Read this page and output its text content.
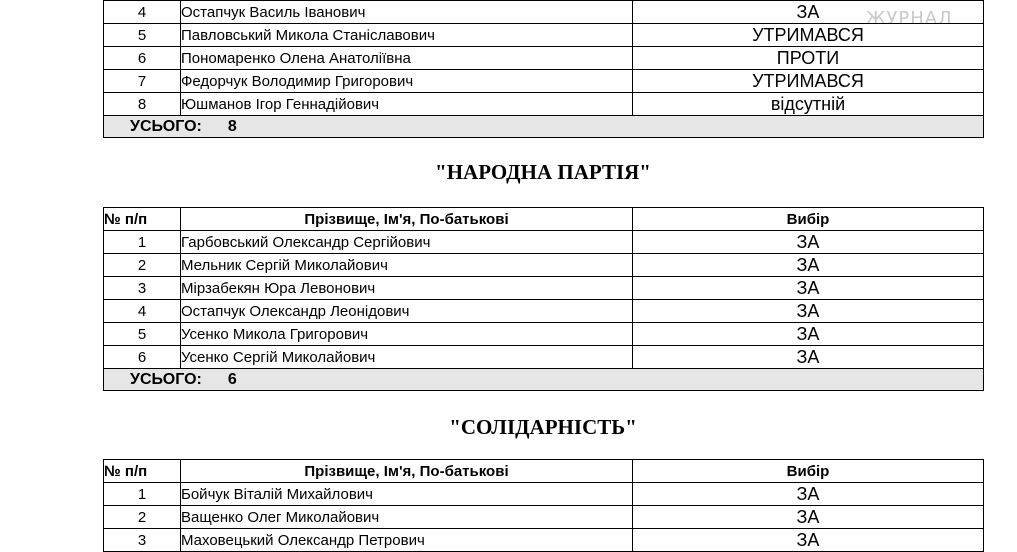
ЖУРНАЛ
4	Остапчук Василь Іванович	ЗА
5	Павловський Микола Станіславович	УТРИМАВСЯ
6	Пономаренко Олена Анатоліївна	ПРОТИ
7	Федорчук Володимир Григорович	УТРИМАВСЯ
8	Юшманов Ігор Геннадійович	відсутній
УСЬОГО: 8		
"НАРОДНА ПАРТІЯ"
№ п/п	Прізвище, Ім'я, По-батькові	Вибір
1	Гарбовський Олександр Сергійович	ЗА
2	Мельник Сергій Миколайович	ЗА
3	Мірзабекян Юра Левонович	ЗА
4	Остапчук Олександр Леонідович	ЗА
5	Усенко Микола Григорович	ЗА
6	Усенко Сергій Миколайович	ЗА
УСЬОГО: 6		
"СОЛІДАРНІСТЬ"
№ п/п	Прізвище, Ім'я, По-батькові	Вибір
1	Бойчук Віталій Михайлович	ЗА
2	Ващенко Олег Миколайович	ЗА
3	Маховецький Олександр Петрович	ЗА
